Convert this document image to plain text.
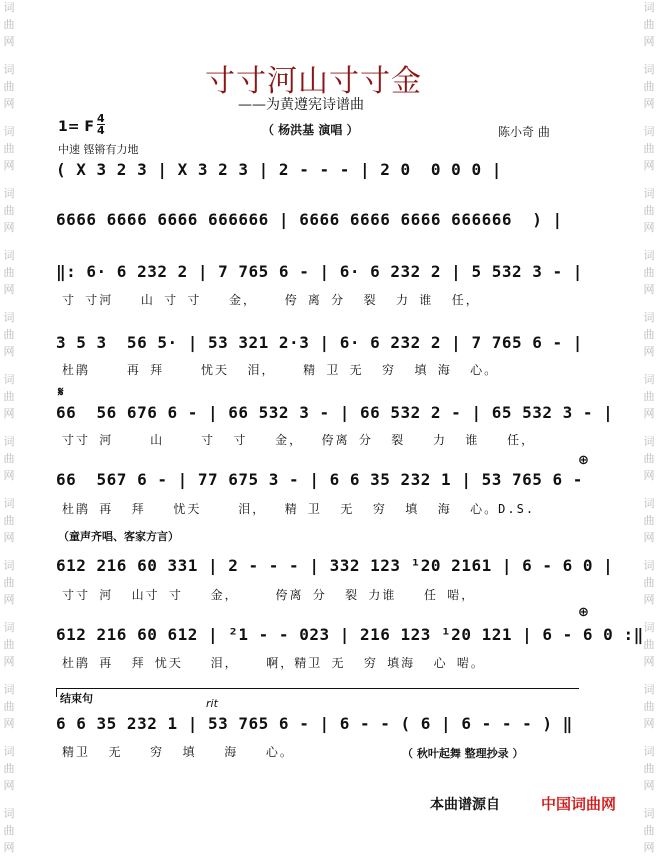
词
曲
网
词
曲
网
词
曲
网
词
曲
网
词
曲
网
词
曲
网
词
曲
网
词
曲
网
词
曲
网
词
曲
网
词
曲
网
词
曲
网
词
曲
网
词
曲
网
词
曲
网
词
曲
网
词
曲
网
词
曲
网
词
曲
网
词
曲
网
词
曲
网
词
曲
网
词
曲
网
词
曲
网
词
曲
网
词
曲
网
词
曲
网
词
曲
网
寸寸河山寸寸金
——为黄遵宪诗谱曲
1= F
4
4	（ 杨洪基 演唱 ）	陈小奇 曲
中速 铿锵有力地
( X 3 2 3 | X 3 2 3 | 2 - - - | 2 0  0 0 0 |
6666 6666 6666 666666 | 6666 6666 6666 666666  ) |
‖: 6· 6 232 2 | 7 765 6 - | 6· 6 232 2 | 5 532 3 - |
寸 寸河   山 寸 寸   金，   侉 离 分  裂  力 谁  任，
3 5 3  56 5· | 53 321 2·3 | 6· 6 232 2 | 7 765 6 - |
杜鹃    再 拜    忧天  泪，   精 卫 无  穷  填 海  心。
𝄋
66  56 676 6 - | 66 532 3 - | 66 532 2 - | 65 532 3 - |
寸寸 河    山    寸  寸   金，  侉离 分  裂   力  谁   任，
⊕
66  567 6 - | 77 675 3 - | 6 6 35 232 1 | 53 765 6 -
杜鹃 再  拜   忧天    泪，  精 卫  无  穷  填  海  心。D.S.
（童声齐唱、客家方言）
612 216 60 331 | 2 - - - | 332 123 ¹20 2161 | 6 - 6 0 |
寸寸 河  山寸 寸   金，    侉离 分  裂 力谁   任 啱，
⊕
612 216 60 612 | ²1 - - 023 | 216 123 ¹20 121 | 6 - 6 0 :‖
杜鹃 再  拜 忧天   泪，   啊，精卫 无  穷 填海  心 啱。
结束句	rit
6 6 35 232 1 | 53 765 6 - | 6 - - ( 6 | 6 - - - ) ‖
精卫  无   穷  填   海   心。	（ 秋叶起舞 整理抄录 ）
本曲谱源自	中国词曲网
